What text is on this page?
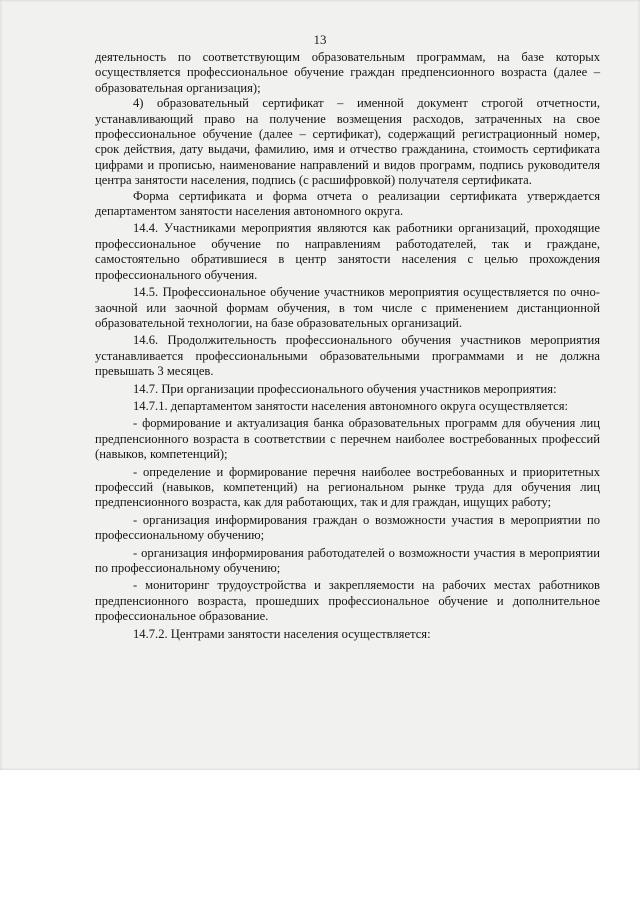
13

деятельность по соответствующим образовательным программам, на базе которых осуществляется профессиональное обучение граждан предпенсионного возраста (далее – образовательная организация);

4) образовательный сертификат – именной документ строгой отчетности, устанавливающий право на получение возмещения расходов, затраченных на свое профессиональное обучение (далее – сертификат), содержащий регистрационный номер, срок действия, дату выдачи, фамилию, имя и отчество гражданина, стоимость сертификата цифрами и прописью, наименование направлений и видов программ, подпись руководителя центра занятости населения, подпись (с расшифровкой) получателя сертификата.

Форма сертификата и форма отчета о реализации сертификата утверждается департаментом занятости населения автономного округа.

14.4. Участниками мероприятия являются как работники организаций, проходящие профессиональное обучение по направлениям работодателей, так и граждане, самостоятельно обратившиеся в центр занятости населения с целью прохождения профессионального обучения.

14.5. Профессиональное обучение участников мероприятия осуществляется по очно-заочной или заочной формам обучения, в том числе с применением дистанционной образовательной технологии, на базе образовательных организаций.

14.6. Продолжительность профессионального обучения участников мероприятия устанавливается профессиональными образовательными программами и не должна превышать 3 месяцев.

14.7. При организации профессионального обучения участников мероприятия:

14.7.1. департаментом занятости населения автономного округа осуществляется:

- формирование и актуализация банка образовательных программ для обучения лиц предпенсионного возраста в соответствии с перечнем наиболее востребованных профессий (навыков, компетенций);

- определение и формирование перечня наиболее востребованных и приоритетных профессий (навыков, компетенций) на региональном рынке труда для обучения лиц предпенсионного возраста, как для работающих, так и для граждан, ищущих работу;

- организация информирования граждан о возможности участия в мероприятии по профессиональному обучению;

- организация информирования работодателей о возможности участия в мероприятии по профессиональному обучению;

- мониторинг трудоустройства и закрепляемости на рабочих местах работников предпенсионного возраста, прошедших профессиональное обучение и дополнительное профессиональное образование.

14.7.2. Центрами занятости населения осуществляется:
